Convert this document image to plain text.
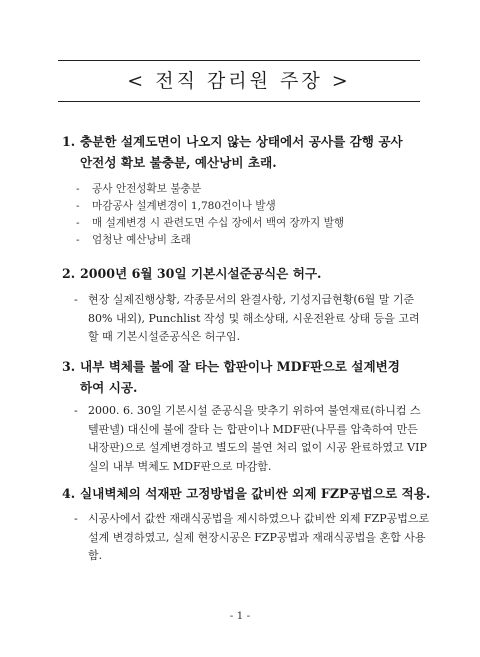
< 전직 감리원 주장 >
1. 충분한 설계도면이 나오지 않는 상태에서 공사를 감행 공사
안전성 확보 불충분, 예산낭비 초래.
- 공사 안전성확보 불충분
- 마감공사 설계변경이 1,780건이나 발생
- 매 설계변경 시 관련도면 수십 장에서 백여 장까지 발행
- 엄청난 예산낭비 초래
2. 2000년 6월 30일 기본시설준공식은 허구.
- 현장 실제진행상황, 각종문서의 완결사항, 기성지급현황(6월 말 기준 80% 내외), Punchlist 작성 및 해소상태, 시운전완료 상태 등을 고려할 때 기본시설준공식은 허구임.
3. 내부 벽체를 불에 잘 타는 합판이나 MDF판으로 설계변경
하여 시공.
- 2000. 6. 30일 기본시설 준공식을 맞추기 위하여 불연재료(하니컴 스텔판넬) 대신에 불에 잘타 는 합판이나 MDF판(나무를 압축하여 만든 내장판)으로 설계변경하고 별도의 불연 처리 없이 시공 완료하였고 VIP실의 내부 벽체도 MDF판으로 마감함.
4. 실내벽체의 석재판 고정방법을 값비싼 외제 FZP공법으로 적용.
- 시공사에서 값싼 재래식공법을 제시하였으나 값비싼 외제 FZP공법으로 설계 변경하였고, 실제 현장시공은 FZP공법과 재래식공법을 혼합 사용함.
- 1 -
